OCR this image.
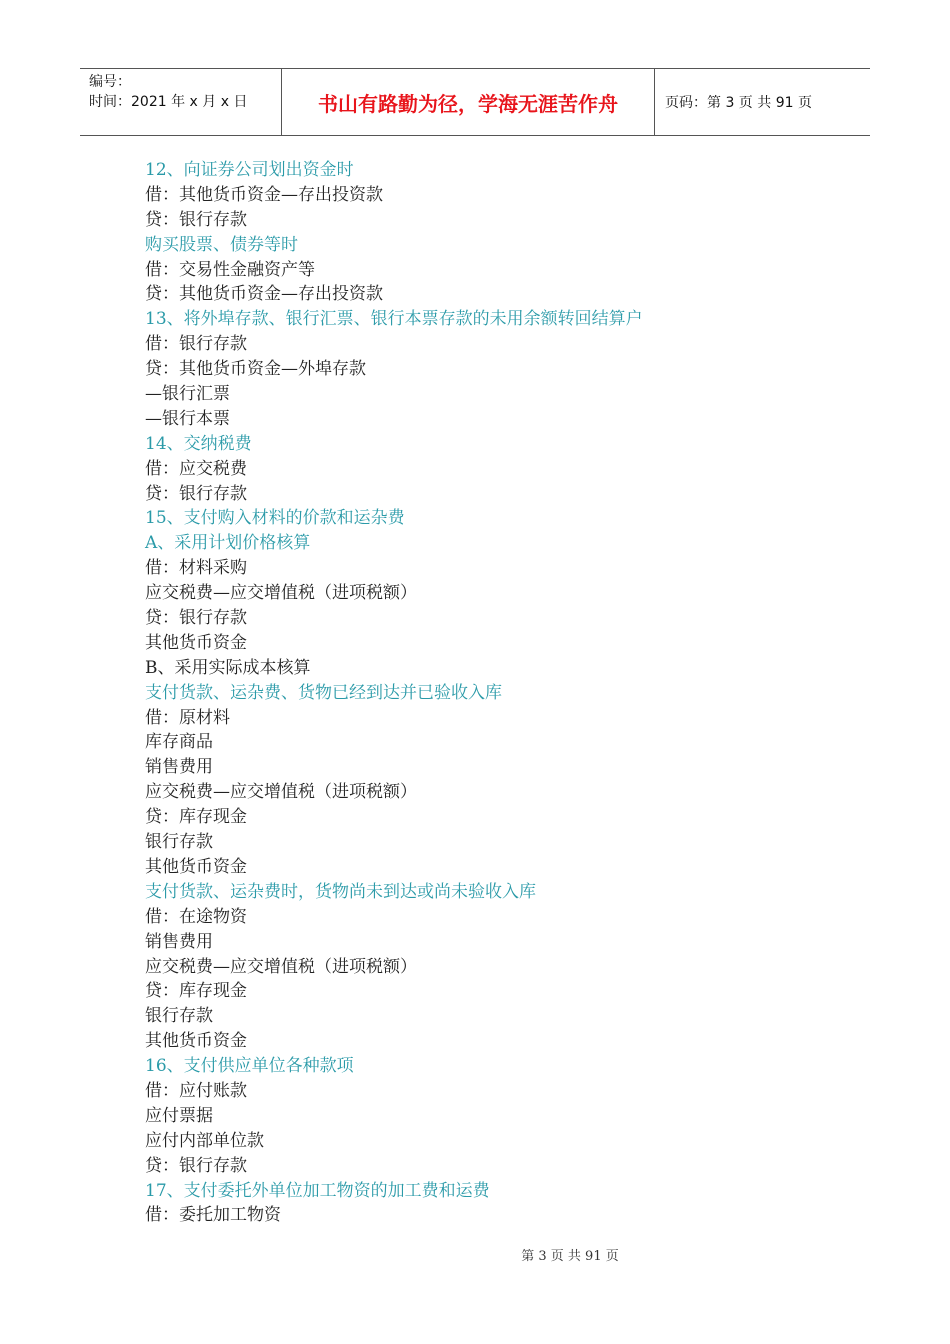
编号：
时间：2021 年 x 月 x 日	书山有路勤为径，学海无涯苦作舟	页码：第 3 页 共 91 页
12、向证券公司划出资金时
借：其他货币资金—存出投资款
贷：银行存款
购买股票、债券等时
借：交易性金融资产等
贷：其他货币资金—存出投资款
13、将外埠存款、银行汇票、银行本票存款的未用余额转回结算户
借：银行存款
贷：其他货币资金—外埠存款
—银行汇票
—银行本票
14、交纳税费
借：应交税费
贷：银行存款
15、支付购入材料的价款和运杂费
A、采用计划价格核算
借：材料采购
应交税费—应交增值税（进项税额）
贷：银行存款
其他货币资金
B、采用实际成本核算
支付货款、运杂费、货物已经到达并已验收入库
借：原材料
库存商品
销售费用
应交税费—应交增值税（进项税额）
贷：库存现金
银行存款
其他货币资金
支付货款、运杂费时，货物尚未到达或尚未验收入库
借：在途物资
销售费用
应交税费—应交增值税（进项税额）
贷：库存现金
银行存款
其他货币资金
16、支付供应单位各种款项
借：应付账款
应付票据
应付内部单位款
贷：银行存款
17、支付委托外单位加工物资的加工费和运费
借：委托加工物资
第 3 页 共 91 页
